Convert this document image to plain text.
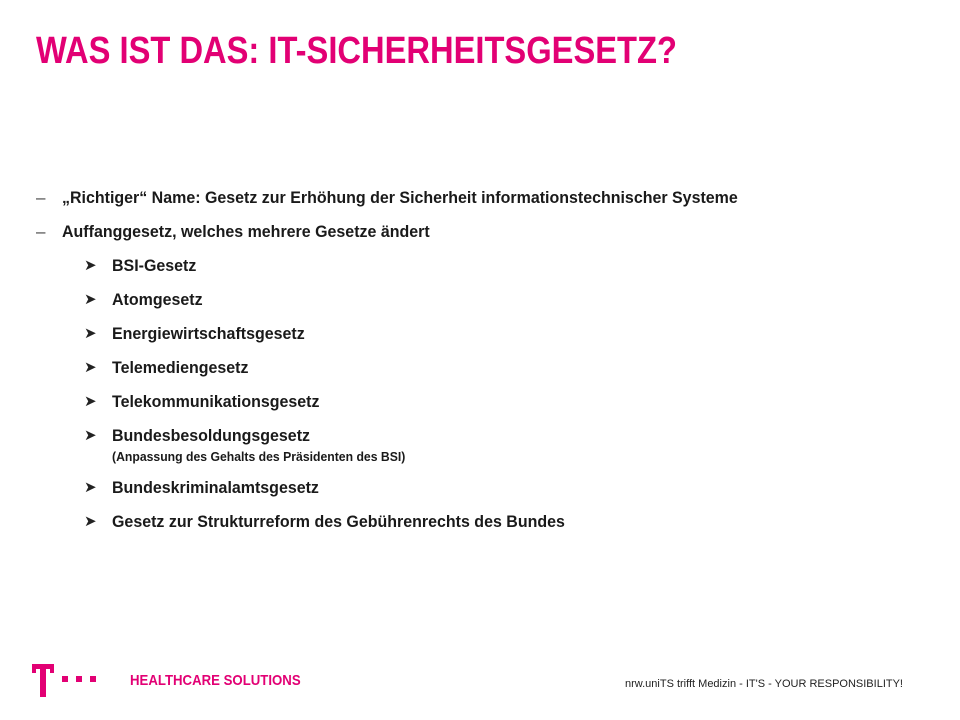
WAS IST DAS: IT-SICHERHEITSGESETZ?
– „Richtiger“ Name: Gesetz zur Erhöhung der Sicherheit informationstechnischer Systeme
– Auffanggesetz, welches mehrere Gesetze ändert
➤ BSI-Gesetz
➤ Atomgesetz
➤ Energiewirtschaftsgesetz
➤ Telemediengesetz
➤ Telekommunikationsgesetz
➤ Bundesbesoldungsgesetz
(Anpassung des Gehalts des Präsidenten des BSI)
➤ Bundeskriminalamtsgesetz
➤ Gesetz zur Strukturreform des Gebührenrechts des Bundes
HEALTHCARE SOLUTIONS	nrw.uniTS trifft Medizin - IT'S - YOUR RESPONSIBILITY!
